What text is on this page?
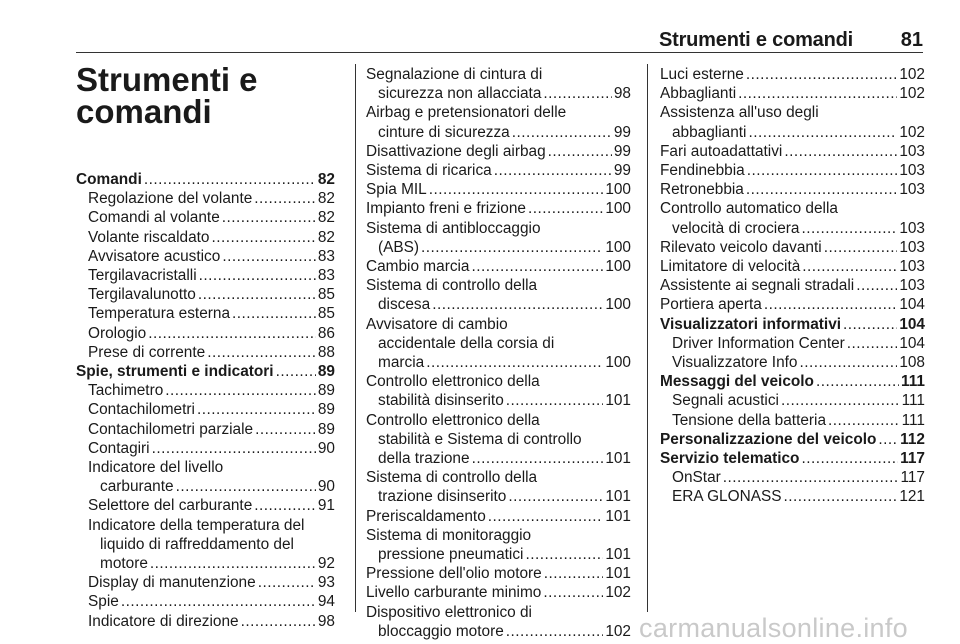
Strumenti e comandi 81
Strumenti e
comandi
Comandi . . .	82
Regolazione del volante . . .	82
Comandi al volante . . .	82
Volante riscaldato . . .	82
Avvisatore acustico . . .	83
Tergilavacristalli . . .	83
Tergilavalunotto . . .	85
Temperatura esterna . . .	85
Orologio . . .	86
Prese di corrente . . .	88
Spie, strumenti e indicatori . . .	89
Tachimetro . . .	89
Contachilometri . . .	89
Contachilometri parziale . . .	89
Contagiri . . .	90
Indicatore del livello
carburante . . .	90
Selettore del carburante . . .	91
Indicatore della temperatura del
liquido di raffreddamento del
motore . . .	92
Display di manutenzione . . .	93
Spie . . .	94
Indicatore di direzione . . .	98
Segnalazione di cintura di
sicurezza non allacciata . . .	98
Airbag e pretensionatori delle
cinture di sicurezza . . .	99
Disattivazione degli airbag . . .	99
Sistema di ricarica . . .	99
Spia MIL . . .	100
Impianto freni e frizione . . .	100
Sistema di antibloccaggio
(ABS) . . .	100
Cambio marcia . . .	100
Sistema di controllo della
discesa . . .	100
Avvisatore di cambio
accidentale della corsia di
marcia . . .	100
Controllo elettronico della
stabilità disinserito . . .	101
Controllo elettronico della
stabilità e Sistema di controllo
della trazione . . .	101
Sistema di controllo della
trazione disinserito . . .	101
Preriscaldamento . . .	101
Sistema di monitoraggio
pressione pneumatici . . .	101
Pressione dell'olio motore . . .	101
Livello carburante minimo . . .	102
Dispositivo elettronico di
bloccaggio motore . . .	102
Luci esterne . . .	102
Abbaglianti . . .	102
Assistenza all'uso degli
abbaglianti . . .	102
Fari autoadattativi . . .	103
Fendinebbia . . .	103
Retronebbia . . .	103
Controllo automatico della
velocità di crociera . . .	103
Rilevato veicolo davanti . . .	103
Limitatore di velocità . . .	103
Assistente ai segnali stradali . . .	103
Portiera aperta . . .	104
Visualizzatori informativi . . .	104
Driver Information Center . . .	104
Visualizzatore Info . . .	108
Messaggi del veicolo . . .	111
Segnali acustici . . .	111
Tensione della batteria . . .	111
Personalizzazione del veicolo . . . 112
Servizio telematico . . .	117
OnStar . . .	117
ERA GLONASS . . .	121
carmanualsonline.info
